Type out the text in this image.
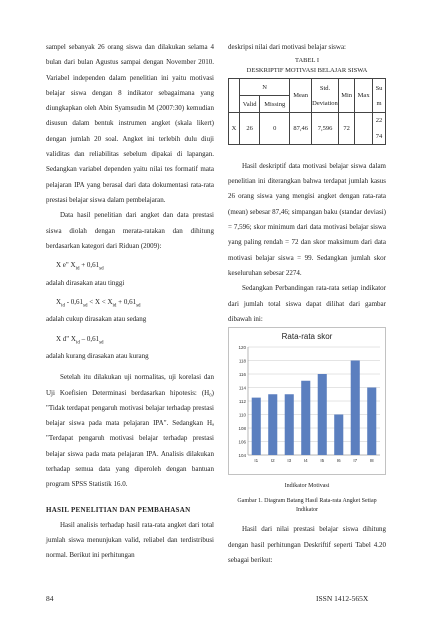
sampel sebanyak 26 orang siswa dan dilakukan selama 4 bulan dari bulan Agustus sampai dengan November 2010. Variabel independen dalam penelitian ini yaitu motivasi belajar siswa dengan 8 indikator sebagaimana yang diungkapkan oleh Abin Syamsudin M (2007:30) kemudian disusun dalam bentuk instrumen angket (skala likert) dengan jumlah 20 soal. Angket ini terlebih dulu diuji validitas dan reliabilitas sebelum dipakai di lapangan. Sedangkan variabel dependen yaitu nilai tes formatif mata pelajaran IPA yang berasal dari data dokumentasi rata-rata prestasi belajar siswa dalam pembelajaran.

Data hasil penelitian dari angket dan data prestasi siswa diolah dengan merata-ratakan dan dihitung berdasarkan kategori dari Riduan (2009):

X e" $X_{id} + 0,61_{sd}$
adalah dirasakan atau tinggi
$X_{id} - 0,61_{sd} < X < X_{id} + 0,61_{sd}$
adalah cukup dirasakan atau sedang
X d" $X_{id} - 0,61_{sd}$
adalah kurang dirasakan atau kurang

Setelah itu dilakukan uji normalitas, uji korelasi dan Uji Koefisien Determinasi berdasarkan hipotesis: (H₀) "Tidak terdapat pengaruh motivasi belajar terhadap prestasi belajar siswa pada mata pelajaran IPA". Sedangkan Hₐ "Terdapat pengaruh motivasi belajar terhadap prestasi belajar siswa pada mata pelajaran IPA. Analisis dilakukan terhadap semua data yang diperoleh dengan bantuan program SPSS Statistik 16.0.

HASIL PENELITIAN DAN PEMBAHASAN

Hasil analisis terhadap hasil rata-rata angket dari total jumlah siswa menunjukan valid, reliabel dan terdistribusi normal. Berikut ini perhitungan

deskripsi nilai dari motivasi belajar siswa:
TABEL I
DESKRIPTIF MOTIVASI BELAJAR SISWA
	N		Mean	Std. Deviation	Min	Max	Su m
	Valid	Missing					
X	26	0	87,46	7,596	72		22 74

Hasil deskriptif data motivasi belajar siswa dalam penelitian ini diterangkan bahwa terdapat jumlah kasus 26 orang siswa yang mengisi angket dengan rata-rata (mean) sebesar 87,46; simpangan baku (standar deviasi) = 7,596; skor minimum dari data motivasi belajar siswa yang paling rendah = 72 dan skor maksimum dari data motivasi belajar siswa = 99. Sedangkan jumlah skor keseluruhan sebesar 2274.

Sedangkan Perbandingan rata-rata setiap indikator dari jumlah total siswa dapat dilihat dari gambar dibawah ini:

Rata-rata skor
104
106
108
110
112
114
116
118
120
I1	I2	I3	I4	I5	I6	I7	I8
Indikator Motivasi
Gambar 1. Diagram Batang Hasil Rata-rata Angket Setiap Indikator

Hasil dari nilai prestasi belajar siswa dihitung dengan hasil perhitungan Deskriftif seperti Tabel 4.20 sebagai berikut:

84	ISSN 1412-565X
